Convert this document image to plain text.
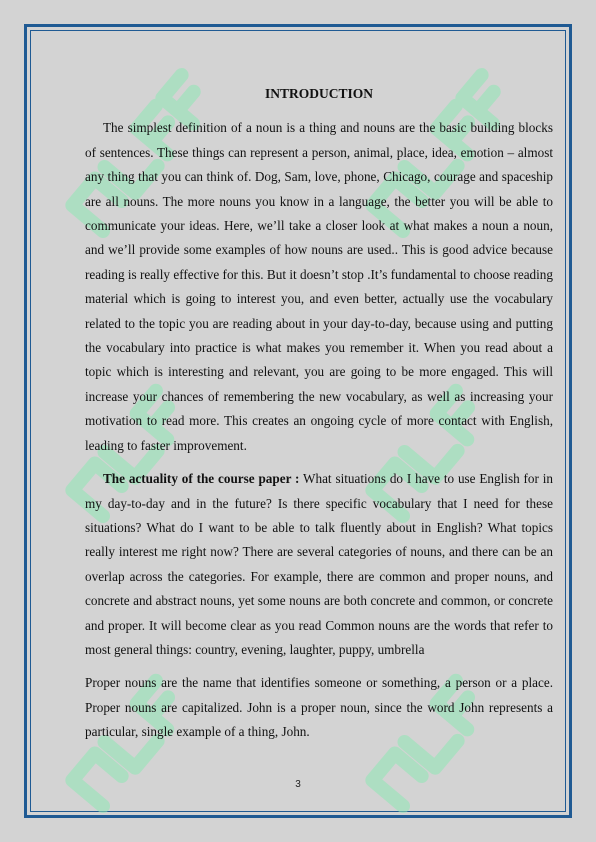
INTRODUCTION

The simplest definition of a noun is a thing and nouns are the basic building blocks of sentences. These things can represent a person, animal, place, idea, emotion – almost any thing that you can think of. Dog, Sam, love, phone, Chicago, courage and spaceship are all nouns. The more nouns you know in a language, the better you will be able to communicate your ideas. Here, we’ll take a closer look at what makes a noun a noun, and we’ll provide some examples of how nouns are used.. This is good advice because reading is really effective for this. But it doesn’t stop .It’s fundamental to choose reading material which is going to interest you, and even better, actually use the vocabulary related to the topic you are reading about in your day-to-day, because using and putting the vocabulary into practice is what makes you remember it. When you read about a topic which is interesting and relevant, you are going to be more engaged. This will increase your chances of remembering the new vocabulary, as well as increasing your motivation to read more. This creates an ongoing cycle of more contact with English, leading to faster improvement.

The actuality of the course paper : What situations do I have to use English for in my day-to-day and in the future? Is there specific vocabulary that I need for these situations? What do I want to be able to talk fluently about in English? What topics really interest me right now? There are several categories of nouns, and there can be an overlap across the categories. For example, there are common and proper nouns, and concrete and abstract nouns, yet some nouns are both concrete and common, or concrete and proper. It will become clear as you read Common nouns are the words that refer to most general things: country, evening, laughter, puppy, umbrella

Proper nouns are the name that identifies someone or something, a person or a place. Proper nouns are capitalized. John is a proper noun, since the word John represents a particular, single example of a thing, John.

3
